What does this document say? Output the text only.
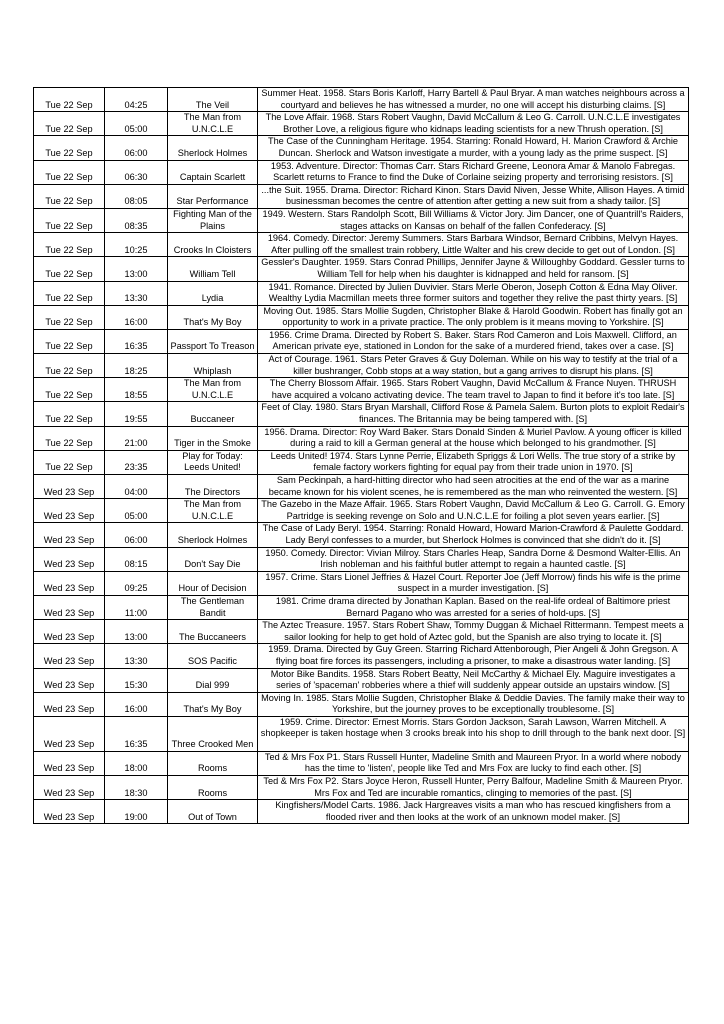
Tue 22 Sep	04:25	The Veil	Summer Heat. 1958. Stars Boris Karloff, Harry Bartell & Paul Bryar. A man watches neighbours across a courtyard and believes he has witnessed a murder, no one will accept his disturbing claims. [S]
Tue 22 Sep	05:00	The Man from U.N.C.L.E	The Love Affair. 1968. Stars Robert Vaughn, David McCallum & Leo G. Carroll. U.N.C.L.E investigates Brother Love, a religious figure who kidnaps leading scientists for a new Thrush operation. [S]
Tue 22 Sep	06:00	Sherlock Holmes	The Case of the Cunningham Heritage. 1954. Starring: Ronald Howard, H. Marion Crawford & Archie Duncan. Sherlock and Watson investigate a murder, with a young lady as the prime suspect. [S]
Tue 22 Sep	06:30	Captain Scarlett	1953. Adventure. Director: Thomas Carr. Stars Richard Greene, Leonora Amar & Manolo Fabregas. Scarlett returns to France to find the Duke of Corlaine seizing property and terrorising resistors. [S]
Tue 22 Sep	08:05	Star Performance	...the Suit. 1955. Drama. Director: Richard Kinon. Stars David Niven, Jesse White, Allison Hayes. A timid businessman becomes the centre of attention after getting a new suit from a shady tailor. [S]
Tue 22 Sep	08:35	Fighting Man of the Plains	1949. Western. Stars Randolph Scott, Bill Williams & Victor Jory. Jim Dancer, one of Quantrill's Raiders, stages attacks on Kansas on behalf of the fallen Confederacy. [S]
Tue 22 Sep	10:25	Crooks In Cloisters	1964. Comedy. Director: Jeremy Summers. Stars Barbara Windsor, Bernard Cribbins, Melvyn Hayes. After pulling off the smallest train robbery, Little Walter and his crew decide to get out of London. [S]
Tue 22 Sep	13:00	William Tell	Gessler's Daughter. 1959. Stars Conrad Phillips, Jennifer Jayne & Willoughby Goddard. Gessler turns to William Tell for help when his daughter is kidnapped and held for ransom. [S]
Tue 22 Sep	13:30	Lydia	1941. Romance. Directed by Julien Duvivier. Stars Merle Oberon, Joseph Cotton & Edna May Oliver. Wealthy Lydia Macmillan meets three former suitors and together they relive the past thirty years. [S]
Tue 22 Sep	16:00	That's My Boy	Moving Out. 1985. Stars Mollie Sugden, Christopher Blake & Harold Goodwin. Robert has finally got an opportunity to work in a private practice. The only problem is it means moving to Yorkshire. [S]
Tue 22 Sep	16:35	Passport To Treason	1956. Crime Drama. Directed by Robert S. Baker. Stars Rod Cameron and Lois Maxwell. Clifford, an American private eye, stationed in London for the sake of a murdered friend, takes over a case. [S]
Tue 22 Sep	18:25	Whiplash	Act of Courage. 1961. Stars Peter Graves & Guy Doleman. While on his way to testify at the trial of a killer bushranger, Cobb stops at a way station, but a gang arrives to disrupt his plans. [S]
Tue 22 Sep	18:55	The Man from U.N.C.L.E	The Cherry Blossom Affair. 1965. Stars Robert Vaughn, David McCallum & France Nuyen. THRUSH have acquired a volcano activating device. The team travel to Japan to find it before it's too late. [S]
Tue 22 Sep	19:55	Buccaneer	Feet of Clay. 1980. Stars Bryan Marshall, Clifford Rose & Pamela Salem. Burton plots to exploit Redair's finances. The Britannia may be being tampered with. [S]
Tue 22 Sep	21:00	Tiger in the Smoke	1956. Drama. Director: Roy Ward Baker. Stars Donald Sinden & Muriel Pavlow. A young officer is killed during a raid to kill a German general at the house which belonged to his grandmother. [S]
Tue 22 Sep	23:35	Play for Today: Leeds United!	Leeds United! 1974. Stars Lynne Perrie, Elizabeth Spriggs & Lori Wells. The true story of a strike by female factory workers fighting for equal pay from their trade union in 1970. [S]
Wed 23 Sep	04:00	The Directors	Sam Peckinpah, a hard-hitting director who had seen atrocities at the end of the war as a marine became known for his violent scenes, he is remembered as the man who reinvented the western. [S]
Wed 23 Sep	05:00	The Man from U.N.C.L.E	The Gazebo in the Maze Affair. 1965. Stars Robert Vaughn, David McCallum & Leo G. Carroll. G. Emory Partridge is seeking revenge on Solo and U.N.C.L.E for foiling a plot seven years earlier. [S]
Wed 23 Sep	06:00	Sherlock Holmes	The Case of Lady Beryl. 1954. Starring: Ronald Howard, Howard Marion-Crawford & Paulette Goddard. Lady Beryl confesses to a murder, but Sherlock Holmes is convinced that she didn't do it. [S]
Wed 23 Sep	08:15	Don't Say Die	1950. Comedy. Director: Vivian Milroy. Stars Charles Heap, Sandra Dorne & Desmond Walter-Ellis. An Irish nobleman and his faithful butler attempt to regain a haunted castle. [S]
Wed 23 Sep	09:25	Hour of Decision	1957. Crime. Stars Lionel Jeffries & Hazel Court. Reporter Joe (Jeff Morrow) finds his wife is the prime suspect in a murder investigation. [S]
Wed 23 Sep	11:00	The Gentleman Bandit	1981. Crime drama directed by Jonathan Kaplan. Based on the real-life ordeal of Baltimore priest Bernard Pagano who was arrested for a series of hold-ups. [S]
Wed 23 Sep	13:00	The Buccaneers	The Aztec Treasure. 1957. Stars Robert Shaw, Tommy Duggan & Michael Rittermann. Tempest meets a sailor looking for help to get hold of Aztec gold, but the Spanish are also trying to locate it. [S]
Wed 23 Sep	13:30	SOS Pacific	1959. Drama. Directed by Guy Green. Starring Richard Attenborough, Pier Angeli & John Gregson. A flying boat fire forces its passengers, including a prisoner, to make a disastrous water landing. [S]
Wed 23 Sep	15:30	Dial 999	Motor Bike Bandits. 1958. Stars Robert Beatty, Neil McCarthy & Michael Ely. Maguire investigates a series of 'spaceman' robberies where a thief will suddenly appear outside an upstairs window. [S]
Wed 23 Sep	16:00	That's My Boy	Moving In. 1985. Stars Mollie Sugden, Christopher Blake & Deddie Davies. The family make their way to Yorkshire, but the journey proves to be exceptionally troublesome. [S]
Wed 23 Sep	16:35	Three Crooked Men	1959. Crime. Director: Ernest Morris. Stars Gordon Jackson, Sarah Lawson, Warren Mitchell. A shopkeeper is taken hostage when 3 crooks break into his shop to drill through to the bank next door. [S]
Wed 23 Sep	18:00	Rooms	Ted & Mrs Fox P1. Stars Russell Hunter, Madeline Smith and Maureen Pryor. In a world where nobody has the time to 'listen', people like Ted and Mrs Fox are lucky to find each other. [S]
Wed 23 Sep	18:30	Rooms	Ted & Mrs Fox P2. Stars Joyce Heron, Russell Hunter, Perry Balfour, Madeline Smith & Maureen Pryor. Mrs Fox and Ted are incurable romantics, clinging to memories of the past. [S]
Wed 23 Sep	19:00	Out of Town	Kingfishers/Model Carts. 1986. Jack Hargreaves visits a man who has rescued kingfishers from a flooded river and then looks at the work of an unknown model maker. [S]
